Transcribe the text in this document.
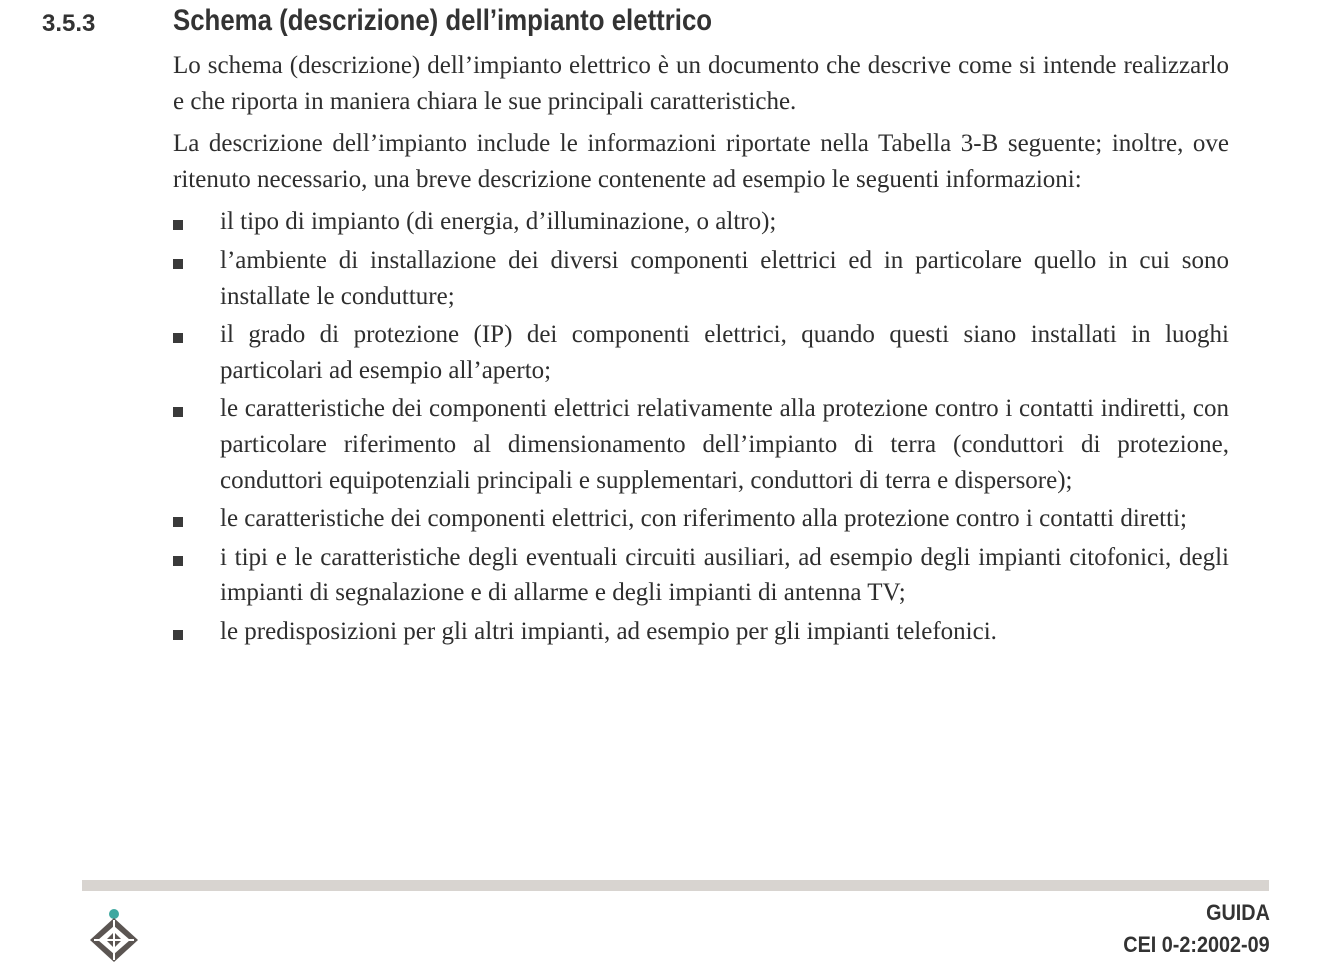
3.5.3	Schema (descrizione) dell’impianto elettrico

Lo schema (descrizione) dell’impianto elettrico è un documento che descrive come si intende realizzarlo e che riporta in maniera chiara le sue principali caratteristiche.

La descrizione dell’impianto include le informazioni riportate nella Tabella 3-B seguente; inoltre, ove ritenuto necessario, una breve descrizione contenente ad esempio le seguenti informazioni:

il tipo di impianto (di energia, d’illuminazione, o altro);
l’ambiente di installazione dei diversi componenti elettrici ed in particolare quello in cui sono installate le condutture;
il grado di protezione (IP) dei componenti elettrici, quando questi siano installati in luoghi particolari ad esempio all’aperto;
le caratteristiche dei componenti elettrici relativamente alla protezione contro i contatti indiretti, con particolare riferimento al dimensionamento dell’impianto di terra (conduttori di protezione, conduttori equipotenziali principali e supplementari, conduttori di terra e dispersore);
le caratteristiche dei componenti elettrici, con riferimento alla protezione contro i contatti diretti;
i tipi e le caratteristiche degli eventuali circuiti ausiliari, ad esempio degli impianti citofonici, degli impianti di segnalazione e di allarme e degli impianti di antenna TV;
le predisposizioni per gli altri impianti, ad esempio per gli impianti telefonici.
GUIDA
CEI 0-2:2002-09
